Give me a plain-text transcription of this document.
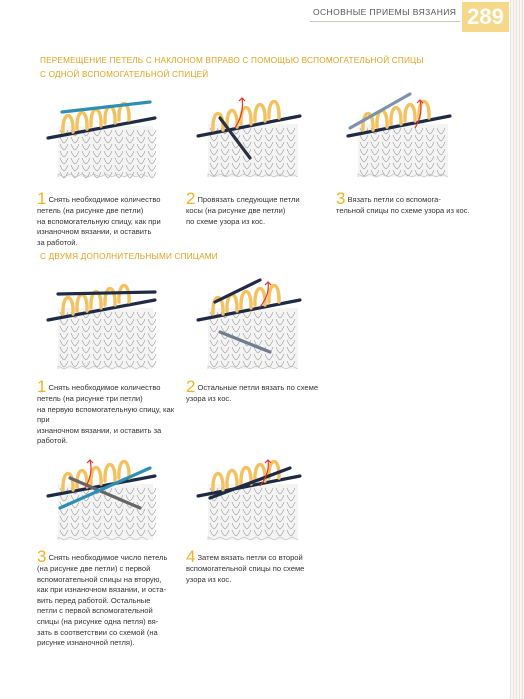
ОСНОВНЫЕ ПРИЕМЫ ВЯЗАНИЯ 289
ПЕРЕМЕЩЕНИЕ ПЕТЕЛЬ С НАКЛОНОМ ВПРАВО С ПОМОЩЬЮ ВСПОМОГАТЕЛЬНОЙ СПИЦЫ
С ОДНОЙ ВСПОМОГАТЕЛЬНОЙ СПИЦЕЙ
1 Снять необходимое количество
петель (на рисунке две петли)
на вспомогательную спицу, как при
изнаночном вязании, и оставить
за работой.
2 Провязать следующие петли
косы (на рисунке две петли)
по схеме узора из кос.
3 Вязать петли со вспомога-
тельной спицы по схеме узора из кос.
С ДВУМЯ ДОПОЛНИТЕЛЬНЫМИ СПИЦАМИ
1 Снять необходимое количество
петель (на рисунке три петли)
на первую вспомогательную спицу, как при
изнаночном вязании, и оставить за
работой.
2 Остальные петли вязать по схеме
узора из кос.
3 Снять необходимое число петель
(на рисунке две петли) с первой
вспомогательной спицы на вторую,
как при изнаночном вязании, и оста-
вить перед работой. Остальные
петли с первой вспомогательной
спицы (на рисунке одна петля) вя-
зать в соответствии со схемой (на
рисунке изнаночной петля).
4 Затем вязать петли со второй
вспомогательной спицы по схеме
узора из кос.
